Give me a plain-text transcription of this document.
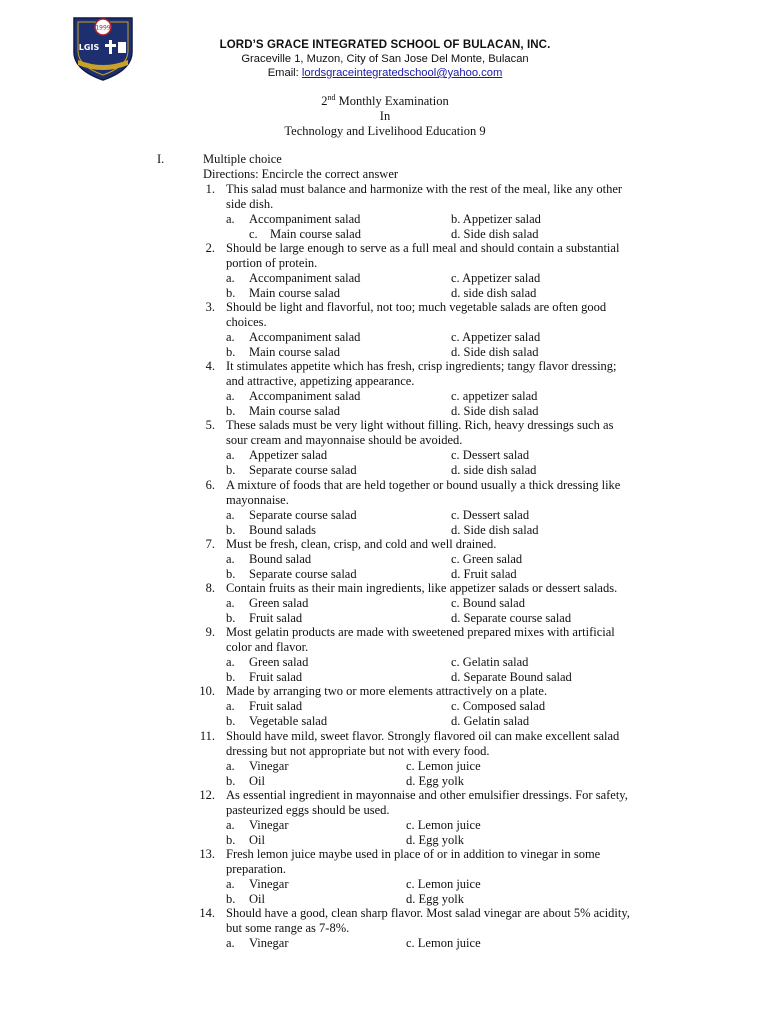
1999
LGIS	LORD’S GRACE INTEGRATED SCHOOL OF BULACAN, INC.
Graceville 1, Muzon, City of San Jose Del Monte, Bulacan
Email: lordsgraceintegratedschool@yahoo.com
2nd Monthly Examination
In
Technology and Livelihood Education 9
I.	Multiple choice
Directions: Encircle the correct answer
1. This salad must balance and harmonize with the rest of the meal, like any other
side dish.
a. Accompaniment salad	b. Appetizer salad
c. Main course salad	d. Side dish salad
2. Should be large enough to serve as a full meal and should contain a substantial
portion of protein.
a. Accompaniment salad	c. Appetizer salad
b. Main course salad	d. side dish salad
3. Should be light and flavorful, not too; much vegetable salads are often good
choices.
a. Accompaniment salad	c. Appetizer salad
b. Main course salad	d. Side dish salad
4. It stimulates appetite which has fresh, crisp ingredients; tangy flavor dressing;
and attractive, appetizing appearance.
a. Accompaniment salad	c. appetizer salad
b. Main course salad	d. Side dish salad
5. These salads must be very light without filling. Rich, heavy dressings such as
sour cream and mayonnaise should be avoided.
a. Appetizer salad	c. Dessert salad
b. Separate course salad	d. side dish salad
6. A mixture of foods that are held together or bound usually a thick dressing like
mayonnaise.
a. Separate course salad	c. Dessert salad
b. Bound salads	d. Side dish salad
7. Must be fresh, clean, crisp, and cold and well drained.
a. Bound salad	c. Green salad
b. Separate course salad	d. Fruit salad
8. Contain fruits as their main ingredients, like appetizer salads or dessert salads.
a. Green salad	c. Bound salad
b. Fruit salad	d. Separate course salad
9. Most gelatin products are made with sweetened prepared mixes with artificial
color and flavor.
a. Green salad	c. Gelatin salad
b. Fruit salad	d. Separate Bound salad
10. Made by arranging two or more elements attractively on a plate.
a. Fruit salad	c. Composed salad
b. Vegetable salad	d. Gelatin salad
11. Should have mild, sweet flavor. Strongly flavored oil can make excellent salad
dressing but not appropriate but not with every food.
a. Vinegar	c. Lemon juice
b. Oil	d. Egg yolk
12. As essential ingredient in mayonnaise and other emulsifier dressings. For safety,
pasteurized eggs should be used.
a. Vinegar	c. Lemon juice
b. Oil	d. Egg yolk
13. Fresh lemon juice maybe used in place of or in addition to vinegar in some
preparation.
a. Vinegar	c. Lemon juice
b. Oil	d. Egg yolk
14. Should have a good, clean sharp flavor. Most salad vinegar are about 5% acidity,
but some range as 7-8%.
a. Vinegar	c. Lemon juice
